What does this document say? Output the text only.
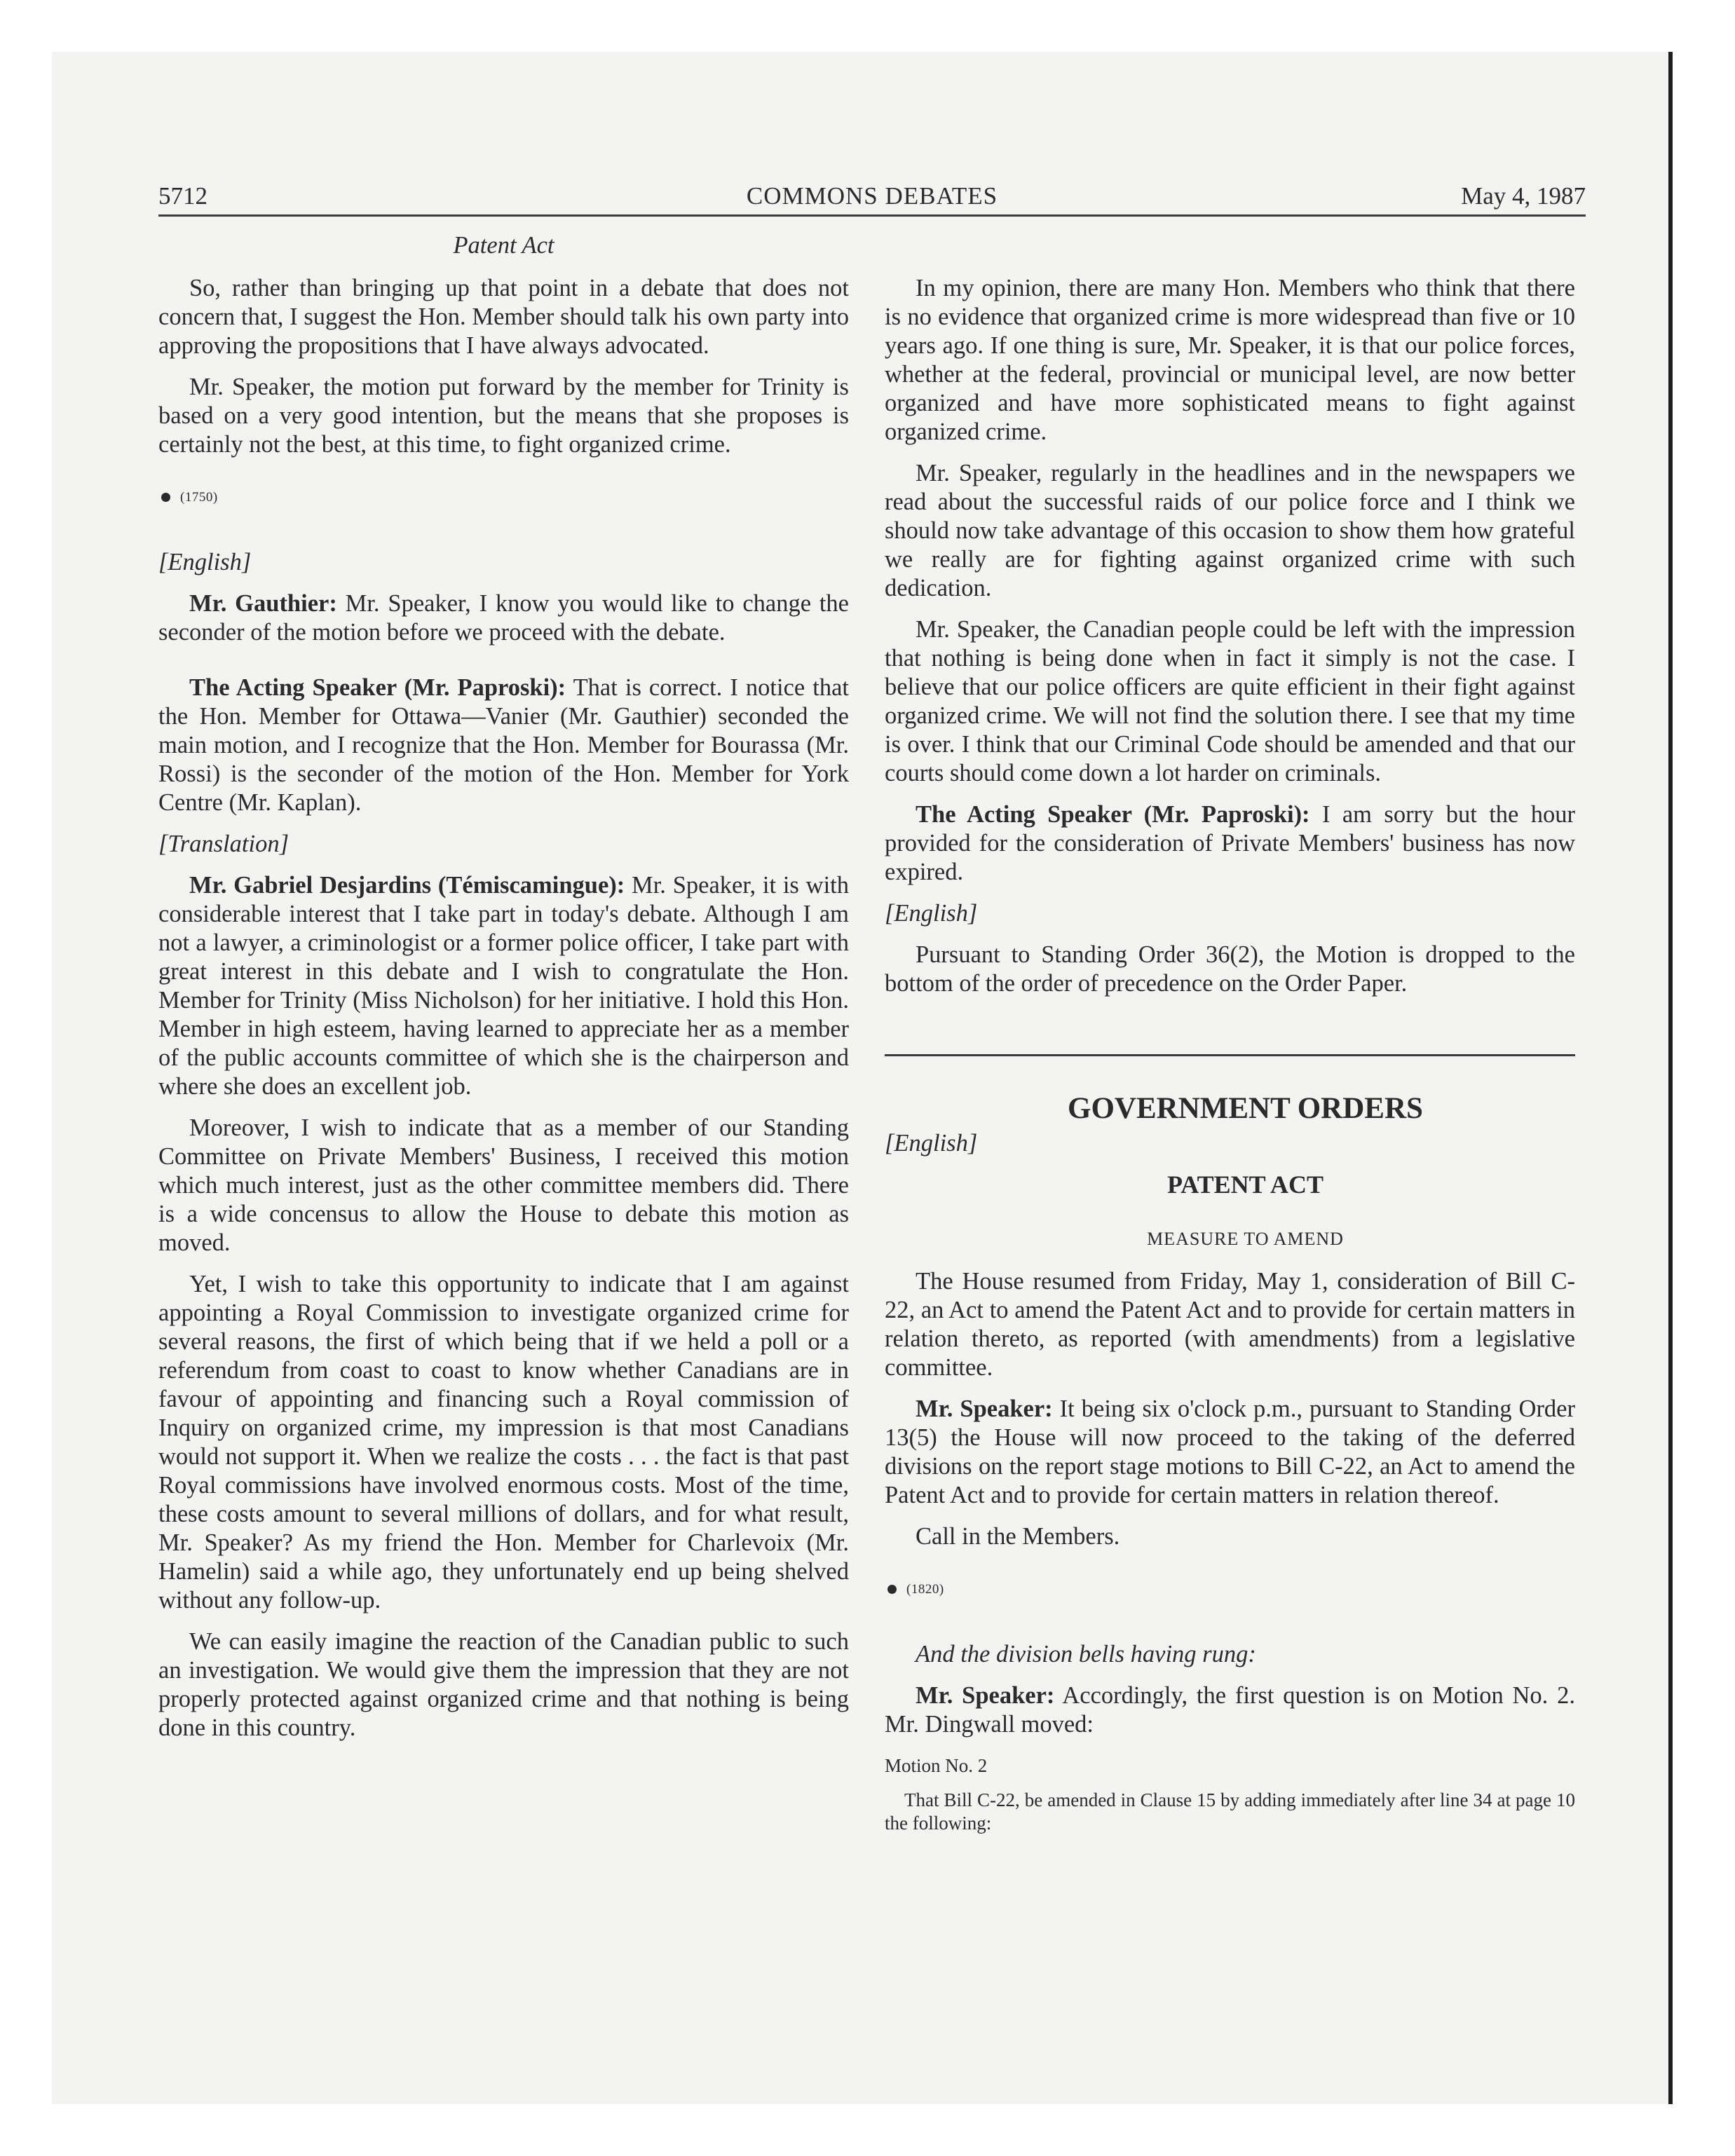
5712	COMMONS DEBATES	May 4, 1987

Patent Act

So, rather than bringing up that point in a debate that does not concern that, I suggest the Hon. Member should talk his own party into approving the propositions that I have always advocated.

Mr. Speaker, the motion put forward by the member for Trinity is based on a very good intention, but the means that she proposes is certainly not the best, at this time, to fight organized crime.

(1750)

[English]

Mr. Gauthier: Mr. Speaker, I know you would like to change the seconder of the motion before we proceed with the debate.

The Acting Speaker (Mr. Paproski): That is correct. I notice that the Hon. Member for Ottawa—Vanier (Mr. Gauthier) seconded the main motion, and I recognize that the Hon. Member for Bourassa (Mr. Rossi) is the seconder of the motion of the Hon. Member for York Centre (Mr. Kaplan).

[Translation]

Mr. Gabriel Desjardins (Témiscamingue): Mr. Speaker, it is with considerable interest that I take part in today's debate. Although I am not a lawyer, a criminologist or a former police officer, I take part with great interest in this debate and I wish to congratulate the Hon. Member for Trinity (Miss Nicholson) for her initiative. I hold this Hon. Member in high esteem, having learned to appreciate her as a member of the public accounts committee of which she is the chairperson and where she does an excellent job.

Moreover, I wish to indicate that as a member of our Standing Committee on Private Members' Business, I received this motion which much interest, just as the other committee members did. There is a wide concensus to allow the House to debate this motion as moved.

Yet, I wish to take this opportunity to indicate that I am against appointing a Royal Commission to investigate organized crime for several reasons, the first of which being that if we held a poll or a referendum from coast to coast to know whether Canadians are in favour of appointing and financing such a Royal commission of Inquiry on organized crime, my impression is that most Canadians would not support it. When we realize the costs . . . the fact is that past Royal commissions have involved enormous costs. Most of the time, these costs amount to several millions of dollars, and for what result, Mr. Speaker? As my friend the Hon. Member for Charlevoix (Mr. Hamelin) said a while ago, they unfortunately end up being shelved without any follow-up.

We can easily imagine the reaction of the Canadian public to such an investigation. We would give them the impression that they are not properly protected against organized crime and that nothing is being done in this country.

In my opinion, there are many Hon. Members who think that there is no evidence that organized crime is more widespread than five or 10 years ago. If one thing is sure, Mr. Speaker, it is that our police forces, whether at the federal, provincial or municipal level, are now better organized and have more sophisticated means to fight against organized crime.

Mr. Speaker, regularly in the headlines and in the newspapers we read about the successful raids of our police force and I think we should now take advantage of this occasion to show them how grateful we really are for fighting against organized crime with such dedication.

Mr. Speaker, the Canadian people could be left with the impression that nothing is being done when in fact it simply is not the case. I believe that our police officers are quite efficient in their fight against organized crime. We will not find the solution there. I see that my time is over. I think that our Criminal Code should be amended and that our courts should come down a lot harder on criminals.

The Acting Speaker (Mr. Paproski): I am sorry but the hour provided for the consideration of Private Members' business has now expired.

[English]

Pursuant to Standing Order 36(2), the Motion is dropped to the bottom of the order of precedence on the Order Paper.

GOVERNMENT ORDERS

[English]

PATENT ACT

MEASURE TO AMEND

The House resumed from Friday, May 1, consideration of Bill C-22, an Act to amend the Patent Act and to provide for certain matters in relation thereto, as reported (with amendments) from a legislative committee.

Mr. Speaker: It being six o'clock p.m., pursuant to Standing Order 13(5) the House will now proceed to the taking of the deferred divisions on the report stage motions to Bill C-22, an Act to amend the Patent Act and to provide for certain matters in relation thereof.

Call in the Members.

(1820)

And the division bells having rung:

Mr. Speaker: Accordingly, the first question is on Motion No. 2. Mr. Dingwall moved:

Motion No. 2

That Bill C-22, be amended in Clause 15 by adding immediately after line 34 at page 10 the following:
